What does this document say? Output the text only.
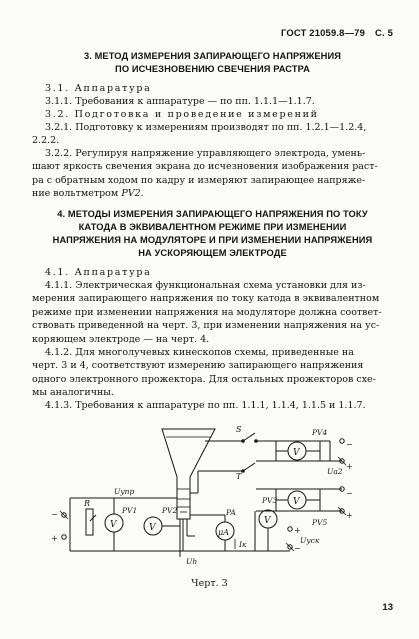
ГОСТ 21059.8—79 С. 5
3. МЕТОД ИЗМЕРЕНИЯ ЗАПИРАЮЩЕГО НАПРЯЖЕНИЯ
ПО ИСЧЕЗНОВЕНИЮ СВЕЧЕНИЯ РАСТРА
3.1. Аппаратура
3.1.1. Требования к аппаратуре — по пп. 1.1.1—1.1.7.
3.2. Подготовка и проведение измерений
3.2.1. Подготовку к измерениям производят по пп. 1.2.1—1.2.4,
2.2.2.
3.2.2. Регулируя напряжение управляющего электрода, умень-
шают яркость свечения экрана до исчезновения изображения раст-
ра с обратным ходом по кадру и измеряют запирающее напряже-
ние вольтметром PV2.
4. МЕТОДЫ ИЗМЕРЕНИЯ ЗАПИРАЮЩЕГО НАПРЯЖЕНИЯ ПО ТОКУ
КАТОДА В ЭКВИВАЛЕНТНОМ РЕЖИМЕ ПРИ ИЗМЕНЕНИИ
НАПРЯЖЕНИЯ НА МОДУЛЯТОРЕ И ПРИ ИЗМЕНЕНИИ НАПРЯЖЕНИЯ
НА УСКОРЯЮЩЕМ ЭЛЕКТРОДЕ
4.1. Аппаратура
4.1.1. Электрическая функциональная схема установки для из-
мерения запирающего напряжения по току катода в эквивалентном
режиме при изменении напряжения на модуляторе должна соответ-
ствовать приведенной на черт. 3, при изменении напряжения на ус-
коряющем электроде — на черт. 4.
4.1.2. Для многолучевых кинескопов схемы, приведенные на
черт. 3 и 4, соответствуют измерению запирающего напряжения
одного электронного прожектора. Для остальных прожекторов схе-
мы аналогичны.
4.1.3. Требования к аппаратуре по пп. 1.1.1, 1.1.4, 1.1.5 и 1.1.7.
S
V
PV4
−
+
Ua2
T
V
PV5
−
+
Uупр
−
+
R
V
PV1
V
PV2
Uh
μA
PA
Iк
V
PV3
+
−
Uуск
Черт. 3
13
